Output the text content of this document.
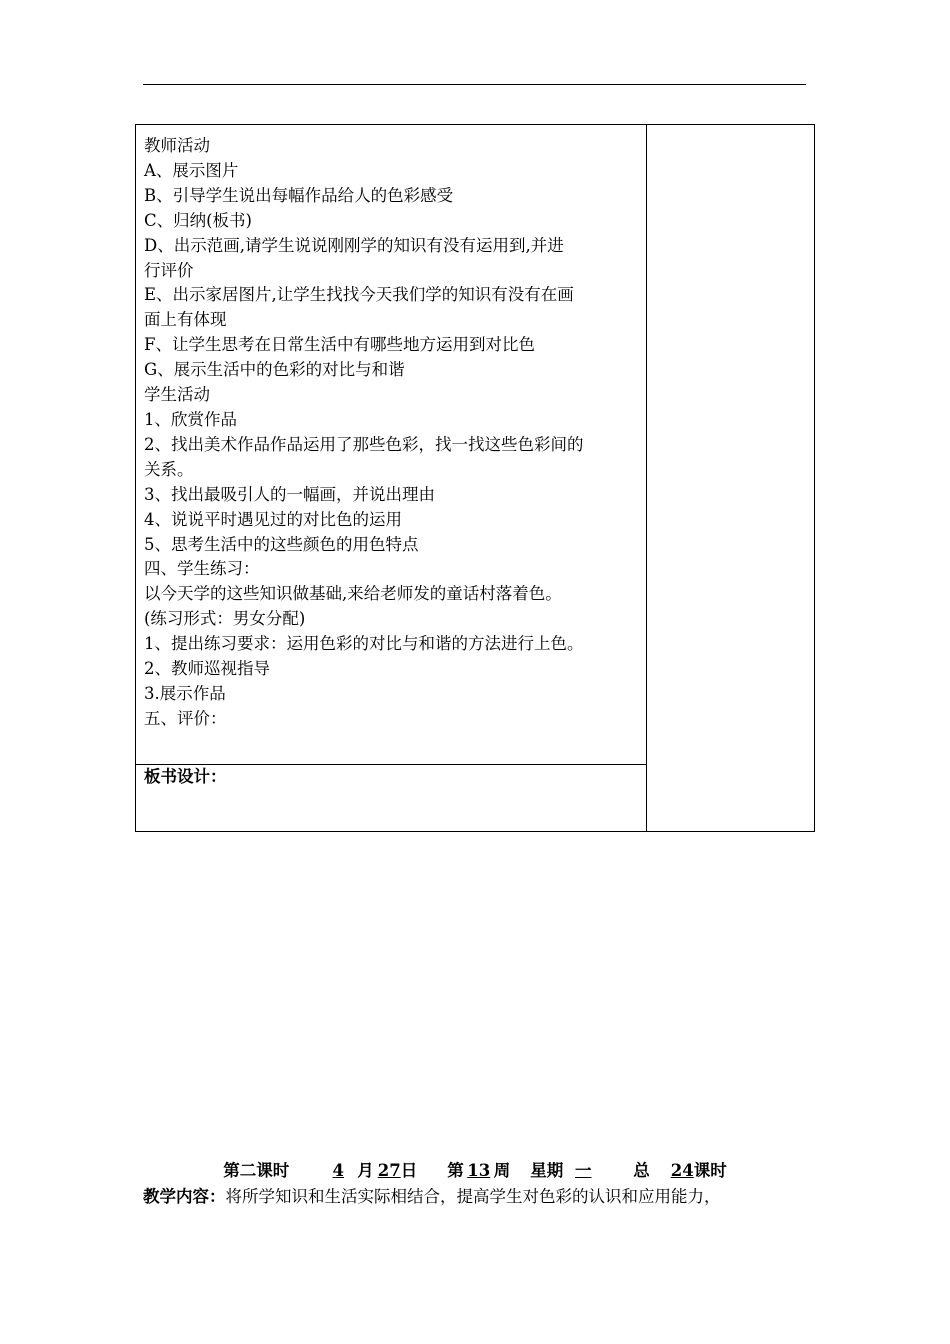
教师活动
A、展示图片
B、引导学生说出每幅作品给人的色彩感受
C、归纳(板书)
D、出示范画,请学生说说刚刚学的知识有没有运用到,并进
行评价
E、出示家居图片,让学生找找今天我们学的知识有没有在画
面上有体现
F、让学生思考在日常生活中有哪些地方运用到对比色
G、展示生活中的色彩的对比与和谐
学生活动
1、欣赏作品
2、找出美术作品作品运用了那些色彩，找一找这些色彩间的
关系。
3、找出最吸引人的一幅画，并说出理由
4、说说平时遇见过的对比色的运用
5、思考生活中的这些颜色的用色特点
四、学生练习：
以今天学的这些知识做基础,来给老师发的童话村落着色。
(练习形式：男女分配)
1、提出练习要求：运用色彩的对比与和谐的方法进行上色。
2、教师巡视指导
3.展示作品
五、评价：
板书设计：
第二课时	4 月 27日 第 13 周 星期 一	总 24课时
教学内容：将所学知识和生活实际相结合，提高学生对色彩的认识和应用能力，
